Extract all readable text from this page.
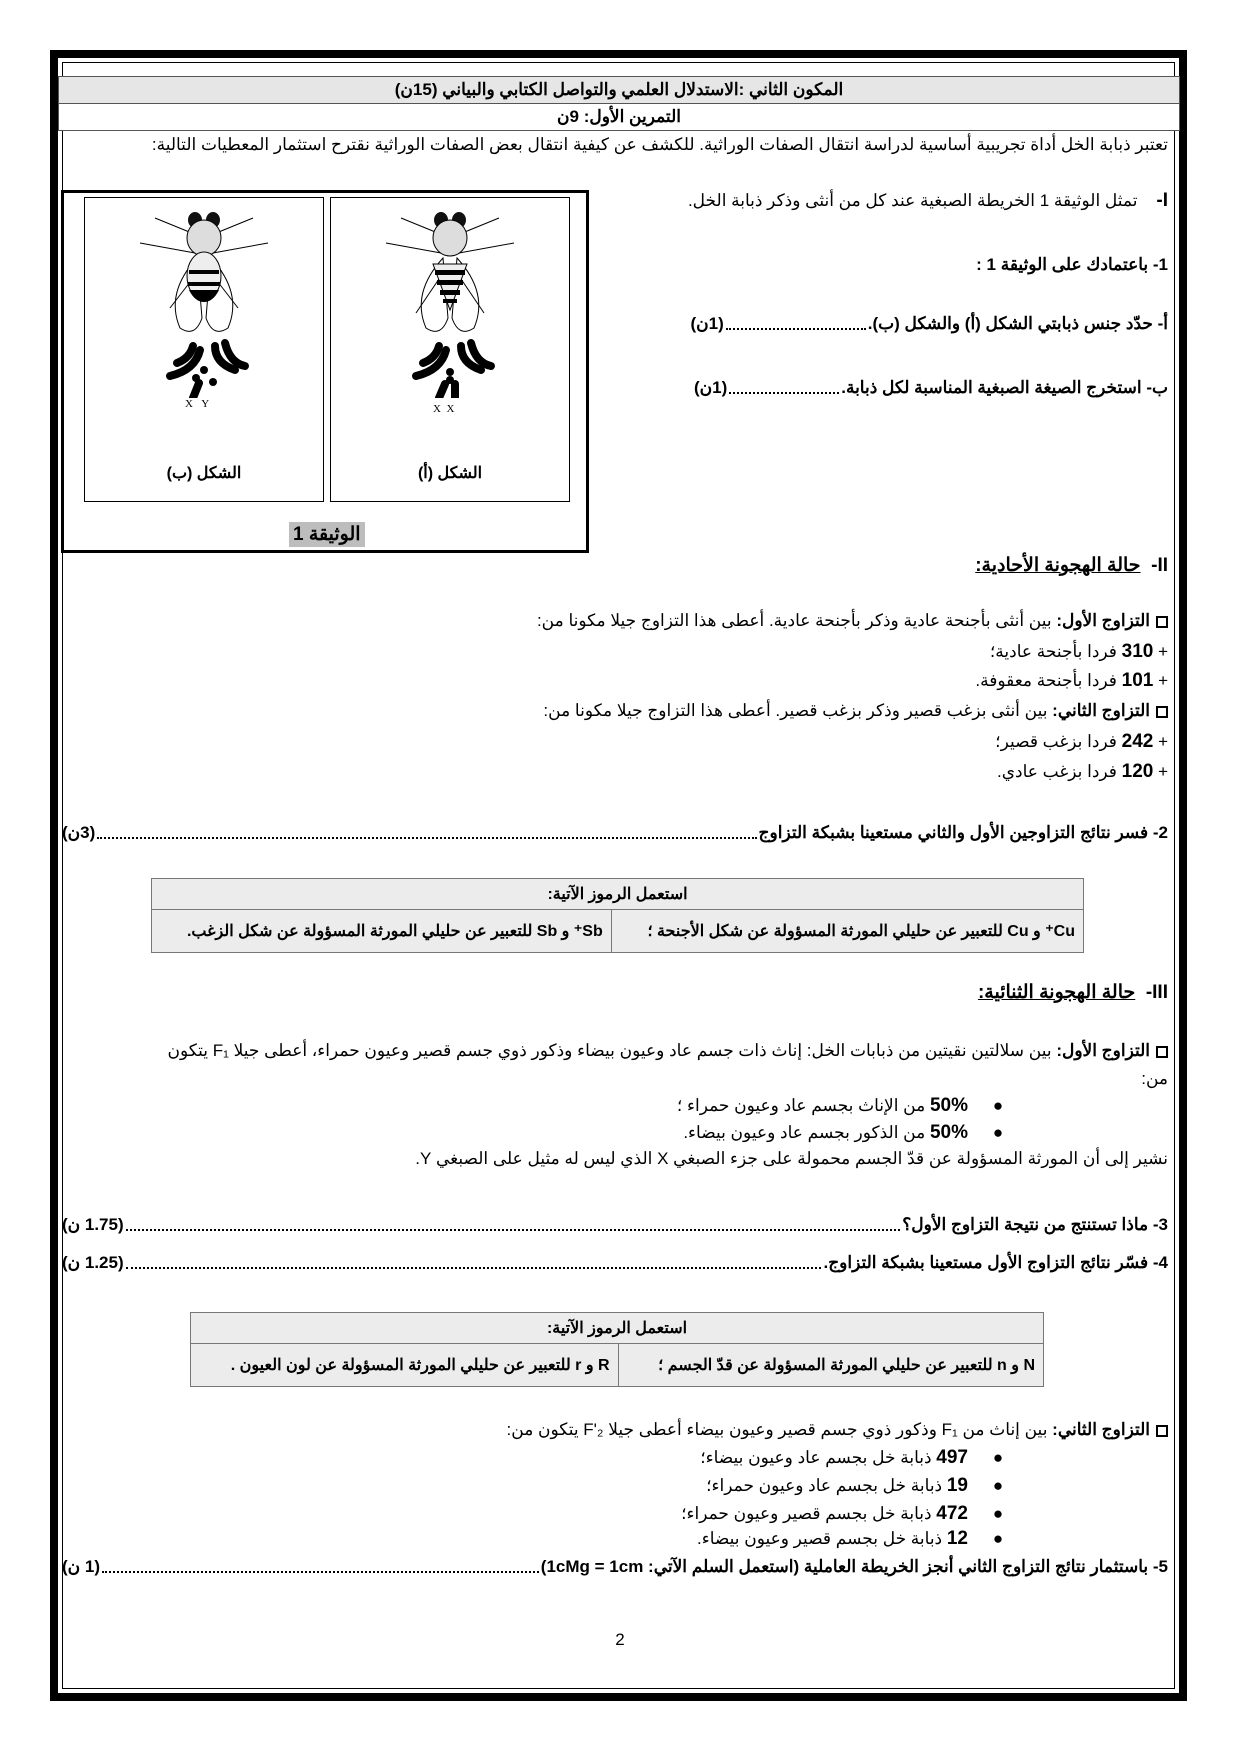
المكون الثاني :الاستدلال العلمي والتواصل الكتابي والبياني (15ن)
التمرين الأول: 9ن
تعتبر ذبابة الخل أداة تجريبية أساسية لدراسة انتقال الصفات الوراثية. للكشف عن كيفية انتقال بعض الصفات الوراثية نقترح استثمار المعطيات التالية:
X Y
الشكل (ب)
X X
الشكل (أ)
الوثيقة 1
I-    تمثل الوثيقة 1 الخريطة الصبغية عند كل من أنثى وذكر ذبابة الخل.
1- باعتمادك على الوثيقة 1 :
أ- حدّد جنس ذبابتي الشكل (أ) والشكل (ب).
(1ن)
ب- استخرج الصيغة الصبغية المناسبة لكل ذبابة.
(1ن)
II-  حالة الهجونة الأحادية:
التزاوج الأول: بين أنثى بأجنحة عادية وذكر بأجنحة عادية. أعطى هذا التزاوج جيلا مكونا من:
+ 310 فردا بأجنحة عادية؛
+ 101 فردا بأجنحة معقوفة.
التزاوج الثاني: بين أنثى بزغب قصير وذكر بزغب قصير. أعطى هذا التزاوج جيلا مكونا من:
+ 242 فردا بزغب قصير؛
+ 120 فردا بزغب عادي.
2- فسر نتائج التزاوجين الأول والثاني مستعينا بشبكة التزاوج
(3ن)
استعمل الرموز الآتية:
Cu⁺ و Cu للتعبير عن حليلي المورثة المسؤولة عن شكل الأجنحة ؛	Sb⁺ و Sb للتعبير عن حليلي المورثة المسؤولة عن شكل الزغب.
III-  حالة الهجونة الثنائية:
التزاوج الأول: بين سلالتين نقيتين من ذبابات الخل: إناث ذات جسم عاد وعيون بيضاء وذكور ذوي جسم قصير وعيون حمراء، أعطى جيلا F₁ يتكون
من:
●50% من الإناث بجسم عاد وعيون حمراء ؛
●50% من الذكور بجسم عاد وعيون بيضاء.
نشير إلى أن المورثة المسؤولة عن قدّ الجسم محمولة على جزء الصبغي X الذي ليس له مثيل على الصبغي Y.
3- ماذا تستنتج من نتيجة التزاوج الأول؟
(1.75 ن)
4- فسّر نتائج التزاوج الأول مستعينا بشبكة التزاوج.
(1.25 ن)
استعمل الرموز الآتية:
N و n للتعبير عن حليلي المورثة المسؤولة عن قدّ الجسم ؛	R و r للتعبير عن حليلي المورثة المسؤولة عن لون العيون .
التزاوج الثاني: بين إناث من F₁ وذكور ذوي جسم قصير وعيون بيضاء أعطى جيلا F'₂ يتكون من:
●497 ذبابة خل بجسم عاد وعيون بيضاء؛
●19 ذبابة خل بجسم عاد وعيون حمراء؛
●472 ذبابة خل بجسم قصير وعيون حمراء؛
●12 ذبابة خل بجسم قصير وعيون بيضاء.
5- باستثمار نتائج التزاوج الثاني أنجز الخريطة العاملية (استعمل السلم الآتي: 1cMg = 1cm)
(1 ن)
2
